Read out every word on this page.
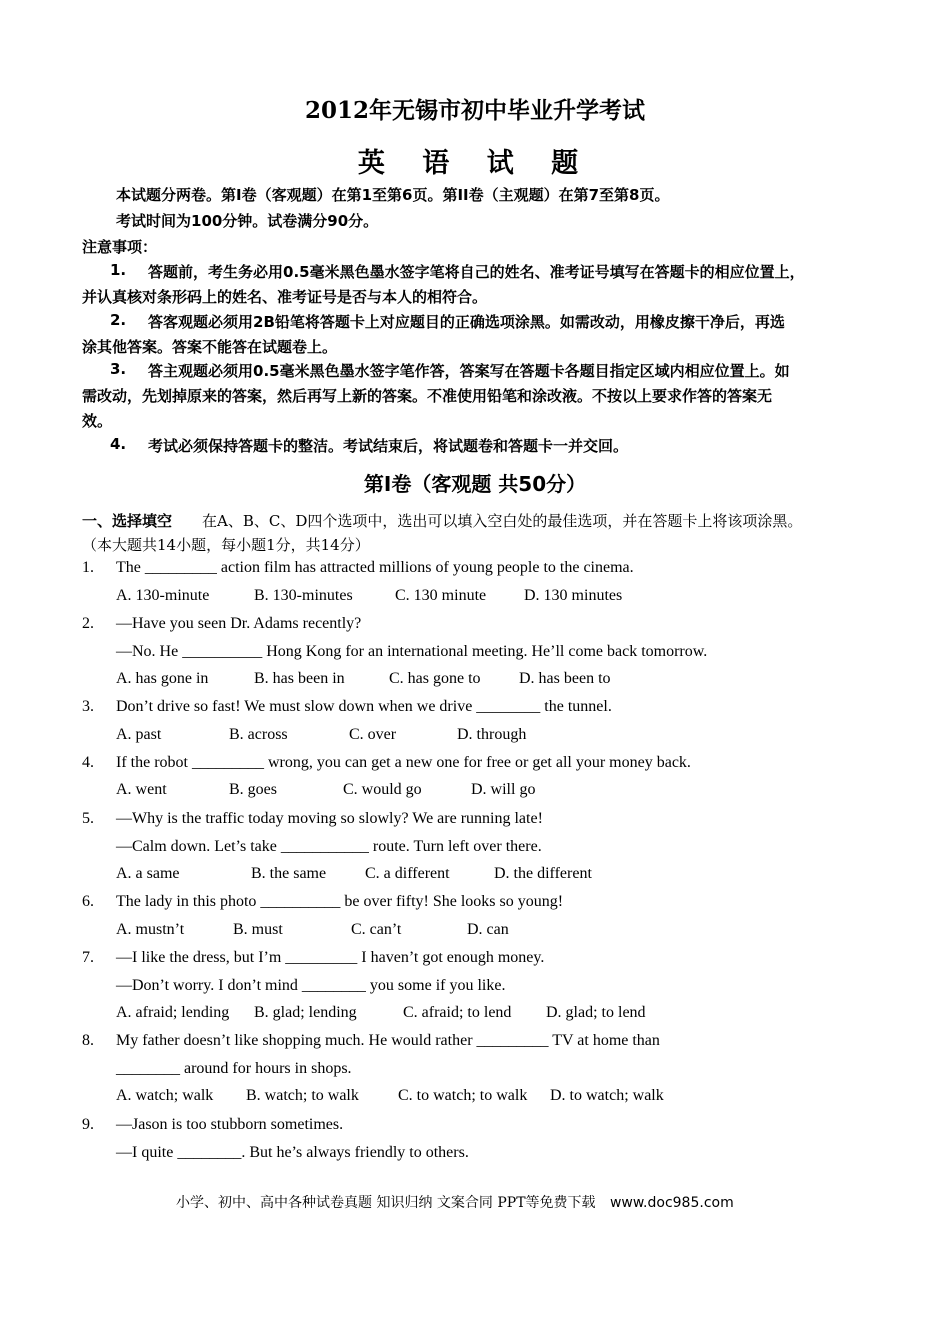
2012年无锡市初中毕业升学考试
英 语 试 题
本试题分两卷。第I卷（客观题）在第1至第6页。第II卷（主观题）在第7至第8页。
考试时间为100分钟。试卷满分90分。
注意事项：
1. 答题前，考生务必用0.5毫米黑色墨水签字笔将自己的姓名、准考证号填写在答题卡的相应位置上，
并认真核对条形码上的姓名、准考证号是否与本人的相符合。
2. 答客观题必须用2B铅笔将答题卡上对应题目的正确选项涂黑。如需改动，用橡皮擦干净后，再选
涂其他答案。答案不能答在试题卷上。
3. 答主观题必须用0.5毫米黑色墨水签字笔作答，答案写在答题卡各题目指定区域内相应位置上。如
需改动，先划掉原来的答案，然后再写上新的答案。不准使用铅笔和涂改液。不按以上要求作答的答案无
效。
4. 考试必须保持答题卡的整洁。考试结束后，将试题卷和答题卡一并交回。
第I卷（客观题 共50分）
一、选择填空 在A、B、C、D四个选项中，选出可以填入空白处的最佳选项，并在答题卡上将该项涂黑。
（本大题共14小题，每小题1分，共14分）
1. The _________ action film has attracted millions of young people to the cinema.
A. 130-minute	B. 130-minutes	C. 130 minute D. 130 minutes
2. —Have you seen Dr. Adams recently?
—No. He __________ Hong Kong for an international meeting. He’ll come back tomorrow.
A. has gone in	B. has been in	C. has gone to D. has been to
3. Don’t drive so fast! We must slow down when we drive ________ the tunnel.
A. past	B. across	C. over	D. through
4. If the robot _________ wrong, you can get a new one for free or get all your money back.
A. went	B. goes	C. would go	D. will go
5. —Why is the traffic today moving so slowly? We are running late!
—Calm down. Let’s take ___________ route. Turn left over there.
A. a same	B. the same C. a different	D. the different
6. The lady in this photo __________ be over fifty! She looks so young!
A. mustn’t	B. must	C. can’t	D. can
7. —I like the dress, but I’m _________ I haven’t got enough money.
—Don’t worry. I don’t mind ________ you some if you like.
A. afraid; lending B. glad; lending	C. afraid; to lend D. glad; to lend
8. My father doesn’t like shopping much. He would rather _________ TV at home than
________ around for hours in shops.
A. watch; walk B. watch; to walk C. to watch; to walk D. to watch; walk
9. —Jason is too stubborn sometimes.
—I quite ________. But he’s always friendly to others.
小学、初中、高中各种试卷真题 知识归纳 文案合同 PPT等免费下载 www.doc985.com
